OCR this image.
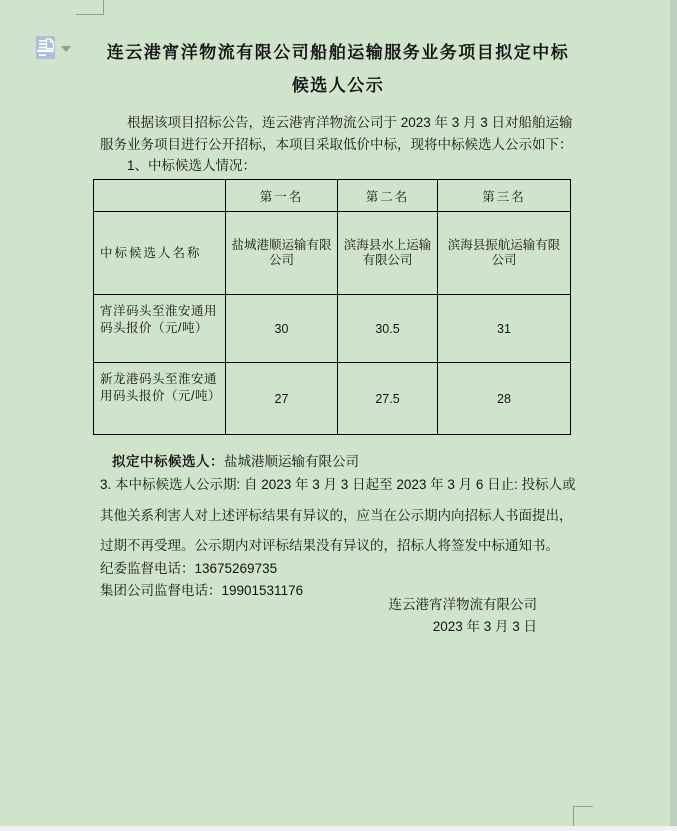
连云港宵洋物流有限公司船舶运输服务业务项目拟定中标
候选人公示
根据该项目招标公告，连云港宵洋物流公司于 2023 年 3 月 3 日对船舶运输
服务业务项目进行公开招标，本项目采取低价中标，现将中标候选人公示如下：
1、中标候选人情况：
	第一名	第二名	第三名
中标候选人名称	盐城港顺运输有限公司	滨海县水上运输有限公司	滨海县振航运输有限公司
宵洋码头至淮安通用码头报价（元/吨）	30	30.5	31
新龙港码头至淮安通用码头报价（元/吨）	27	27.5	28
拟定中标候选人：盐城港顺运输有限公司
3. 本中标候选人公示期: 自 2023 年 3 月 3 日起至 2023 年 3 月 6 日止: 投标人或
其他关系利害人对上述评标结果有异议的，应当在公示期内向招标人书面提出，
过期不再受理。公示期内对评标结果没有异议的，招标人将签发中标通知书。
纪委监督电话：13675269735
集团公司监督电话：19901531176
连云港宵洋物流有限公司
2023 年 3 月 3 日
